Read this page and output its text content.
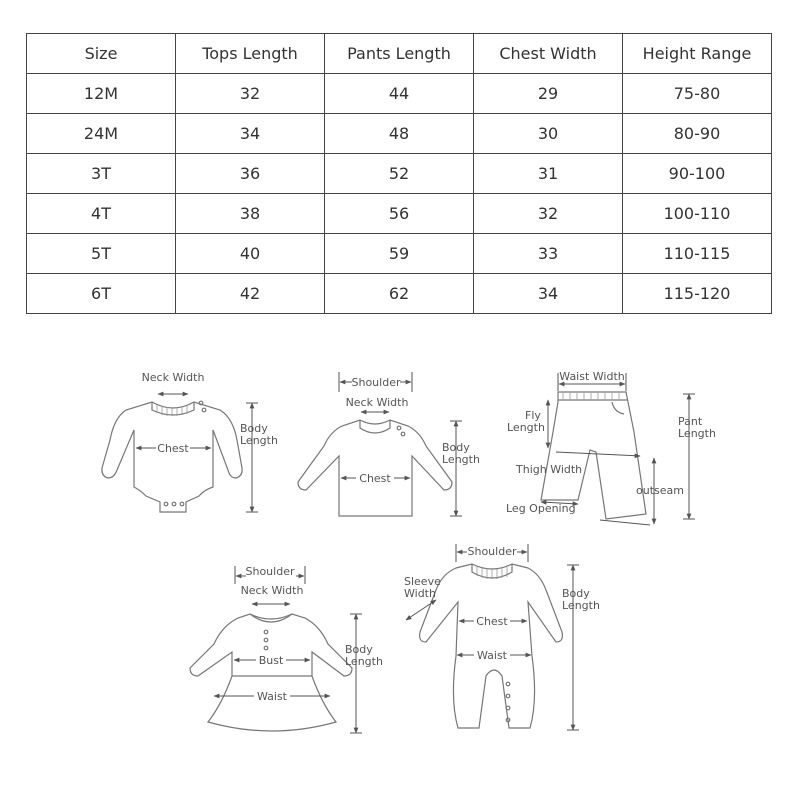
Size	Tops Length	Pants Length	Chest Width	Height Range
12M	32	44	29	75-80
24M	34	48	30	80-90
3T	36	52	31	90-100
4T	38	56	32	100-110
5T	40	59	33	110-115
6T	42	62	34	115-120
Neck Width
Chest
Body
Length
Shoulder
Neck Width
Chest
Body
Length
Waist Width
Fly
Length	Pant
Length
Thigh Width
outseam
Leg Opening
Shoulder
Neck Width
Bust
Waist
Body
Length
Shoulder
Sleeve
Width
Chest
Waist
Body
Length
